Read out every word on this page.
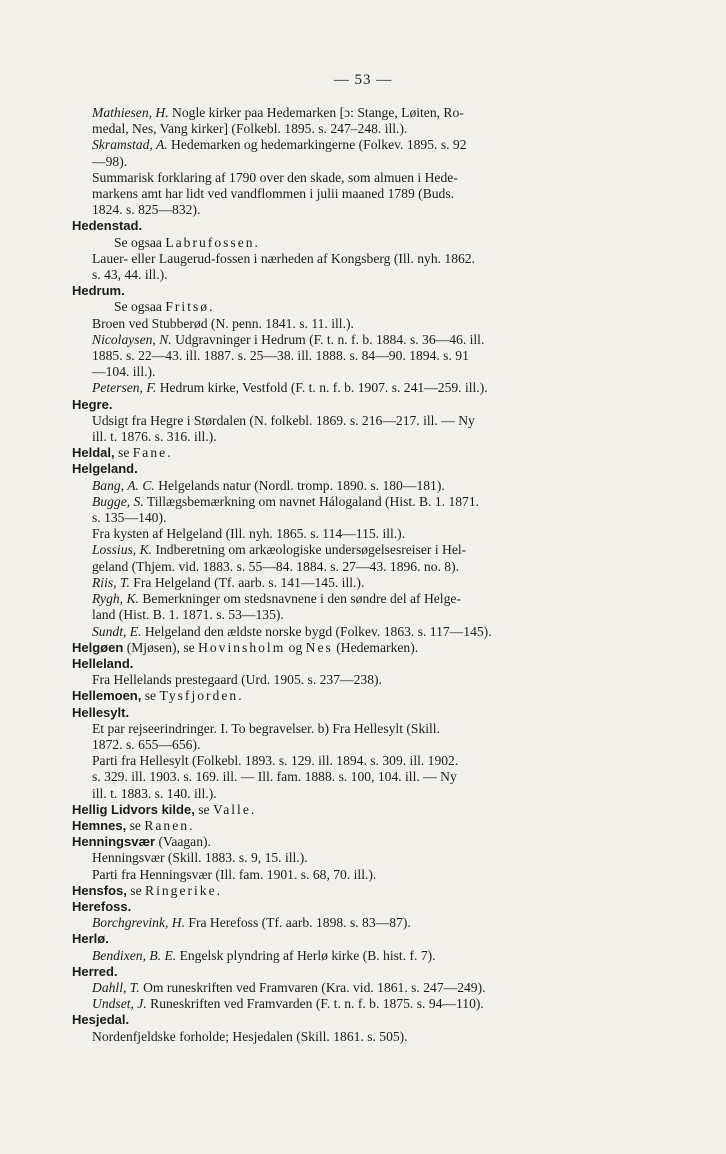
— 53 —
Mathiesen, H. Nogle kirker paa Hedemarken [ɔ: Stange, Løiten, Ro-
medal, Nes, Vang kirker] (Folkebl. 1895. s. 247–248. ill.).
Skramstad, A. Hedemarken og hedemarkingerne (Folkev. 1895. s. 92
—98).
Summarisk forklaring af 1790 over den skade, som almuen i Hede-
markens amt har lidt ved vandflommen i julii maaned 1789 (Buds.
1824. s. 825—832).
Hedenstad.
Se ogsaa Labrufossen.
Lauer- eller Laugerud-fossen i nærheden af Kongsberg (Ill. nyh. 1862.
s. 43, 44. ill.).
Hedrum.
Se ogsaa Fritsø.
Broen ved Stubberød (N. penn. 1841. s. 11. ill.).
Nicolaysen, N. Udgravninger i Hedrum (F. t. n. f. b. 1884. s. 36—46. ill.
1885. s. 22—43. ill. 1887. s. 25—38. ill. 1888. s. 84—90. 1894. s. 91
—104. ill.).
Petersen, F. Hedrum kirke, Vestfold (F. t. n. f. b. 1907. s. 241—259. ill.).
Hegre.
Udsigt fra Hegre i Størdalen (N. folkebl. 1869. s. 216—217. ill. — Ny
ill. t. 1876. s. 316. ill.).
Heldal, se Fane.
Helgeland.
Bang, A. C. Helgelands natur (Nordl. tromp. 1890. s. 180—181).
Bugge, S. Tillægsbemærkning om navnet Hálogaland (Hist. B. 1. 1871.
s. 135—140).
Fra kysten af Helgeland (Ill. nyh. 1865. s. 114—115. ill.).
Lossius, K. Indberetning om arkæologiske undersøgelsesreiser i Hel-
geland (Thjem. vid. 1883. s. 55—84. 1884. s. 27—43. 1896. no. 8).
Riis, T. Fra Helgeland (Tf. aarb. s. 141—145. ill.).
Rygh, K. Bemerkninger om stedsnavnene i den søndre del af Helge-
land (Hist. B. 1. 1871. s. 53—135).
Sundt, E. Helgeland den ældste norske bygd (Folkev. 1863. s. 117—145).
Helgøen (Mjøsen), se Hovinsholm og Nes (Hedemarken).
Helleland.
Fra Hellelands prestegaard (Urd. 1905. s. 237—238).
Hellemoen, se Tysfjorden.
Hellesylt.
Et par rejseerindringer. I. To begravelser. b) Fra Hellesylt (Skill.
1872. s. 655—656).
Parti fra Hellesylt (Folkebl. 1893. s. 129. ill. 1894. s. 309. ill. 1902.
s. 329. ill. 1903. s. 169. ill. — Ill. fam. 1888. s. 100, 104. ill. — Ny
ill. t. 1883. s. 140. ill.).
Hellig Lidvors kilde, se Valle.
Hemnes, se Ranen.
Henningsvær (Vaagan).
Henningsvær (Skill. 1883. s. 9, 15. ill.).
Parti fra Henningsvær (Ill. fam. 1901. s. 68, 70. ill.).
Hensfos, se Ringerike.
Herefoss.
Borchgrevink, H. Fra Herefoss (Tf. aarb. 1898. s. 83—87).
Herlø.
Bendixen, B. E. Engelsk plyndring af Herlø kirke (B. hist. f. 7).
Herred.
Dahll, T. Om runeskriften ved Framvaren (Kra. vid. 1861. s. 247—249).
Undset, J. Runeskriften ved Framvarden (F. t. n. f. b. 1875. s. 94—110).
Hesjedal.
Nordenfjeldske forholde; Hesjedalen (Skill. 1861. s. 505).
